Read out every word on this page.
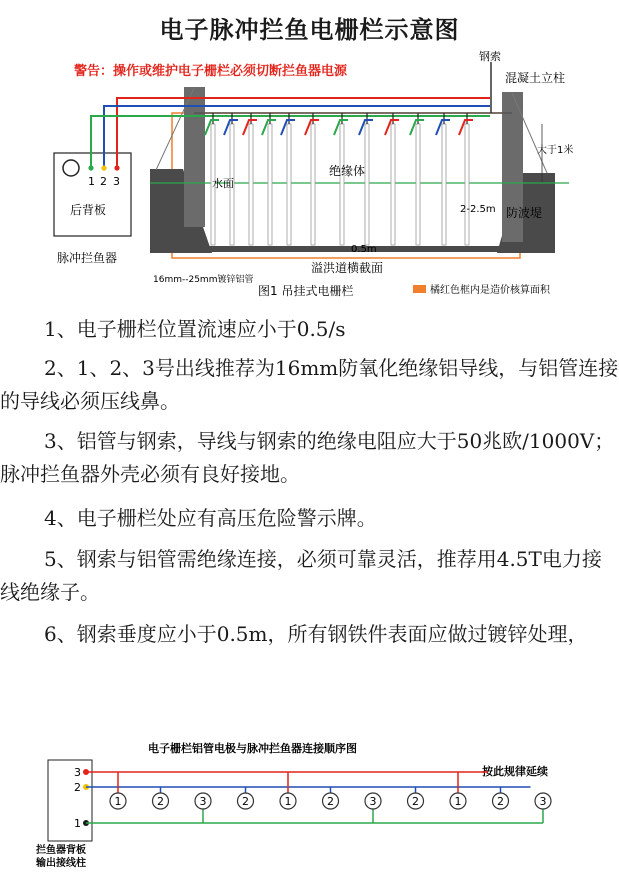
电子脉冲拦鱼电栅栏示意图
警告：操作或维护电子栅栏必须切断拦鱼器电源
1 2 3
后背板
脉冲拦鱼器
钢索
混凝土立柱
大于1米
绝缘体
水面
2-2.5m 防波堤
0.5m
溢洪道横截面
16mm--25mm镀锌铝管
图1 吊挂式电栅栏	橘红色框内是造价核算面积
1、电子栅栏位置流速应小于0.5/s
2、1、2、3号出线推荐为16mm防氧化绝缘铝导线，与铝管连接的导线必须压线鼻。
3、铝管与钢索，导线与钢索的绝缘电阻应大于50兆欧/1000V；脉冲拦鱼器外壳必须有良好接地。
4、电子栅栏处应有高压危险警示牌。
5、钢索与铝管需绝缘连接，必须可靠灵活，推荐用4.5T电力接线绝缘子。
6、钢索垂度应小于0.5m，所有钢铁件表面应做过镀锌处理，
电子栅栏铝管电极与脉冲拦鱼器连接顺序图
按此规律延续
3
2
1
1	2	3	2	1	2	3	2	1	2	3
拦鱼器背板
输出接线柱
